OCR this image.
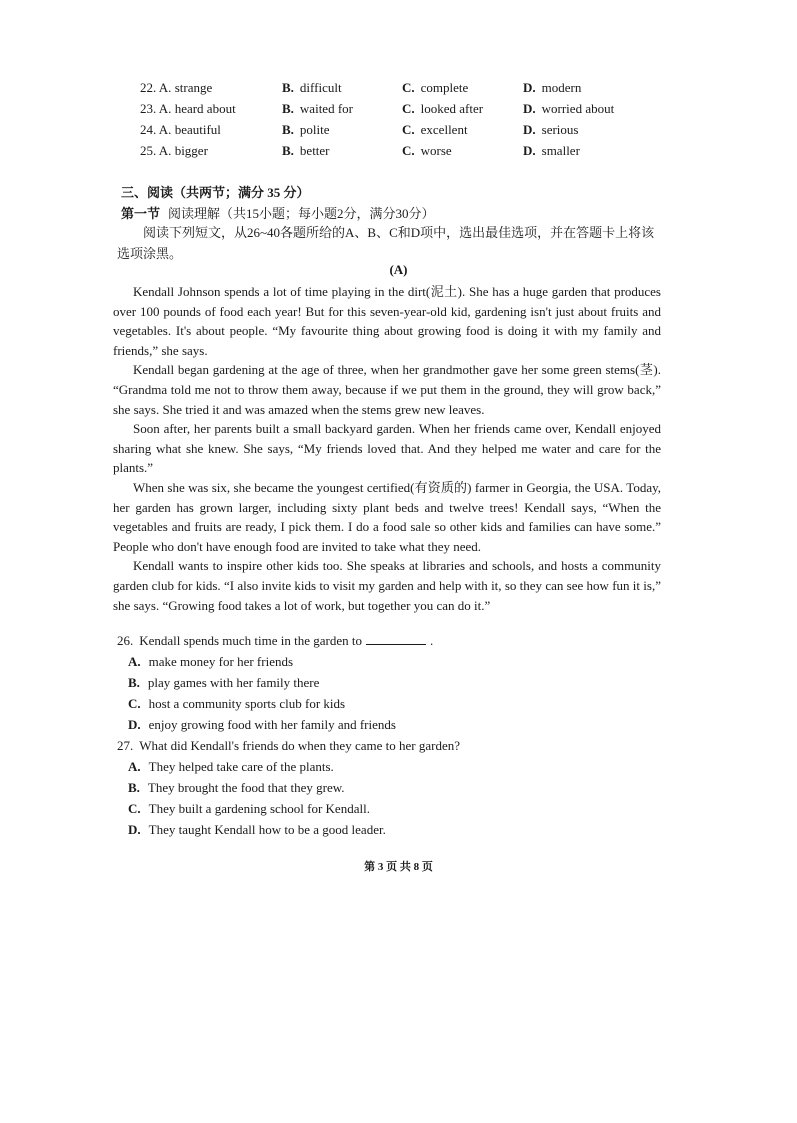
22. A. strange	B. difficult	C. complete	D. modern
23. A. heard about	B. waited for	C. looked after	D. worried about
24. A. beautiful	B. polite	C. excellent	D. serious
25. A. bigger	B. better	C. worse	D. smaller
三、阅读（共两节；满分 35 分）
第一节 阅读理解（共15小题；每小题2分，满分30分）
阅读下列短文，从26~40各题所给的A、B、C和D项中，选出最佳选项，并在答题卡上将该选项涂黑。
(A)

Kendall Johnson spends a lot of time playing in the dirt(泥土). She has a huge garden that produces over 100 pounds of food each year! But for this seven-year-old kid, gardening isn't just about fruits and vegetables. It's about people. “My favourite thing about growing food is doing it with my family and friends,” she says.

Kendall began gardening at the age of three, when her grandmother gave her some green stems(茎). “Grandma told me not to throw them away, because if we put them in the ground, they will grow back,” she says. She tried it and was amazed when the stems grew new leaves.

Soon after, her parents built a small backyard garden. When her friends came over, Kendall enjoyed sharing what she knew. She says, “My friends loved that. And they helped me water and care for the plants.”

When she was six, she became the youngest certified(有资质的) farmer in Georgia, the USA. Today, her garden has grown larger, including sixty plant beds and twelve trees! Kendall says, “When the vegetables and fruits are ready, I pick them. I do a food sale so other kids and families can have some.” People who don't have enough food are invited to take what they need.

Kendall wants to inspire other kids too. She speaks at libraries and schools, and hosts a community garden club for kids. “I also invite kids to visit my garden and help with it, so they can see how fun it is,” she says. “Growing food takes a lot of work, but together you can do it.”

26. Kendall spends much time in the garden to	.
A. make money for her friends
B. play games with her family there
C. host a community sports club for kids
D. enjoy growing food with her family and friends
27. What did Kendall's friends do when they came to her garden?
A. They helped take care of the plants.
B. They brought the food that they grew.
C. They built a gardening school for Kendall.
D. They taught Kendall how to be a good leader.
第 3 页 共 8 页
